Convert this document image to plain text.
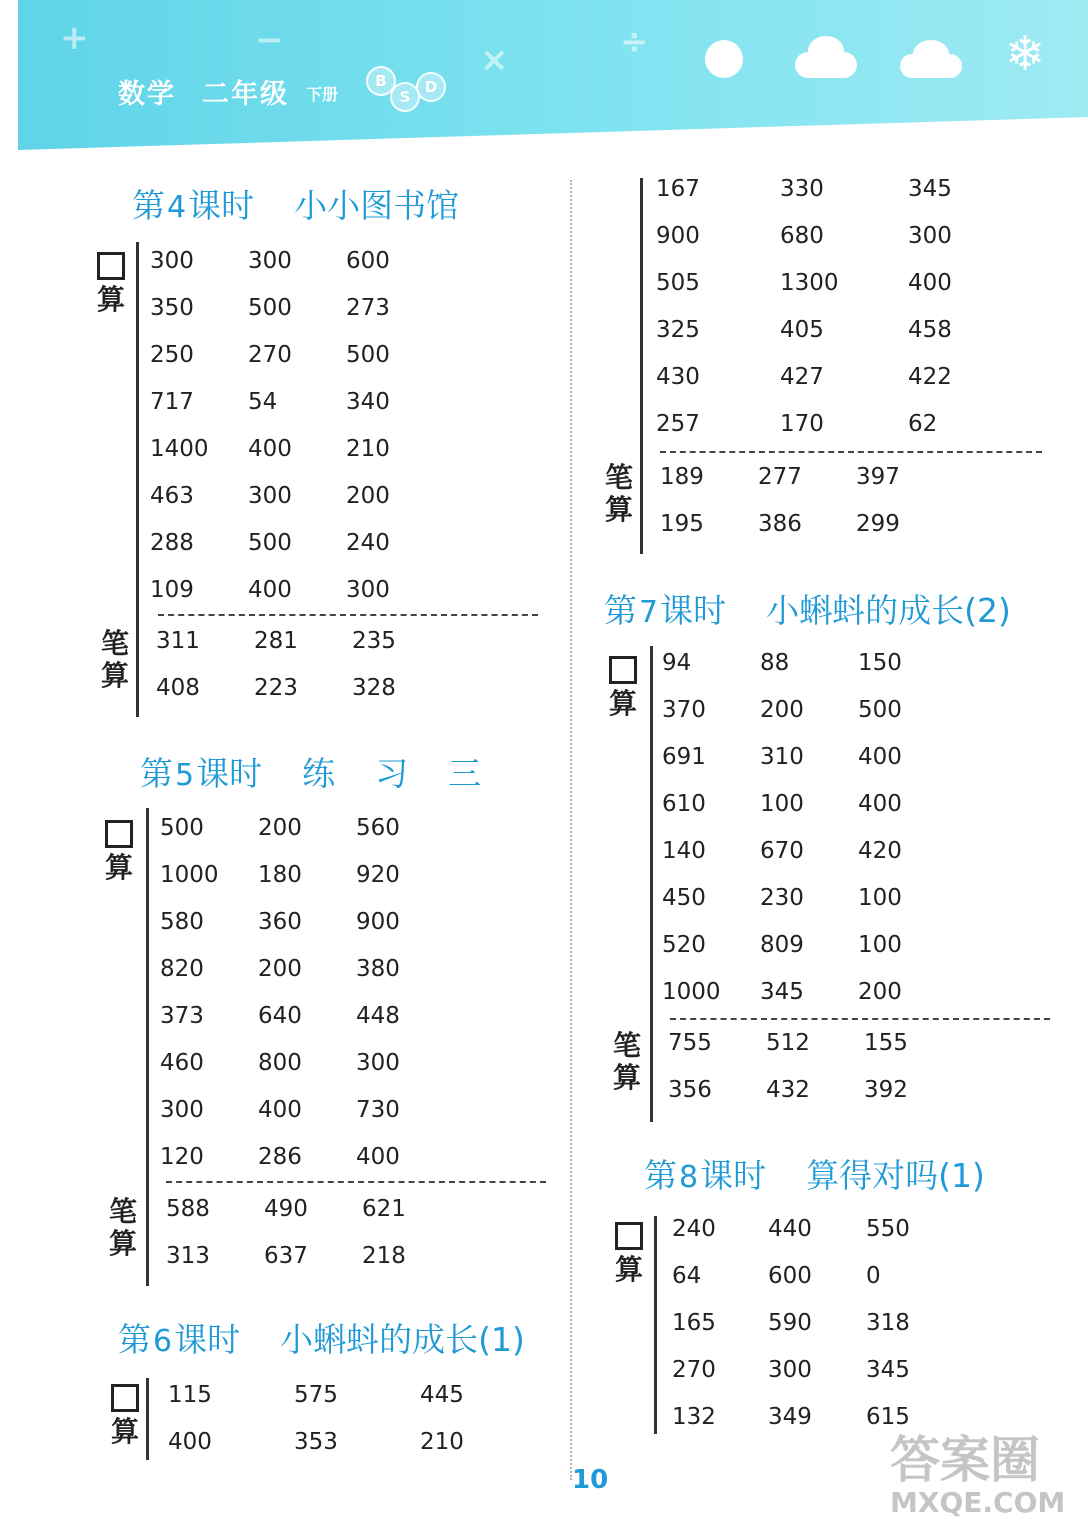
+	−	×	÷
数学 二年级 下册
B
S
D
❄
第4课时 小小图书馆
算
笔算
300 300 600
350 500 273
250 270 500
717 54	340
1400 400 210
463 300 200
288 500 240
109 400 300
311 281 235
408 223 328
第5课时 练习三
算
笔算
500 200 560
1000 180 920
580 360 900
820 200 380
373 640 448
460 800 300
300 400 730
120 286 400
588 490 621
313 637 218
第6课时 小蝌蚪的成长(1)
算
115	575	445
400	353	210
笔算
167	330	345
900	680	300
505	1300	400
325	405	458
430	427	422
257	170	62
189 277 397
195 386 299
第7课时 小蝌蚪的成长(2)
算
笔算
94	88	150
370 200 500
691 310 400
610 100 400
140 670 420
450 230 100
520 809 100
1000 345 200
755 512 155
356 432 392
第8课时 算得对吗(1)
算
240 440 550
64	600 0
165 590 318
270 300 345
132 349 615
10	答案圈
MXQE.COM
